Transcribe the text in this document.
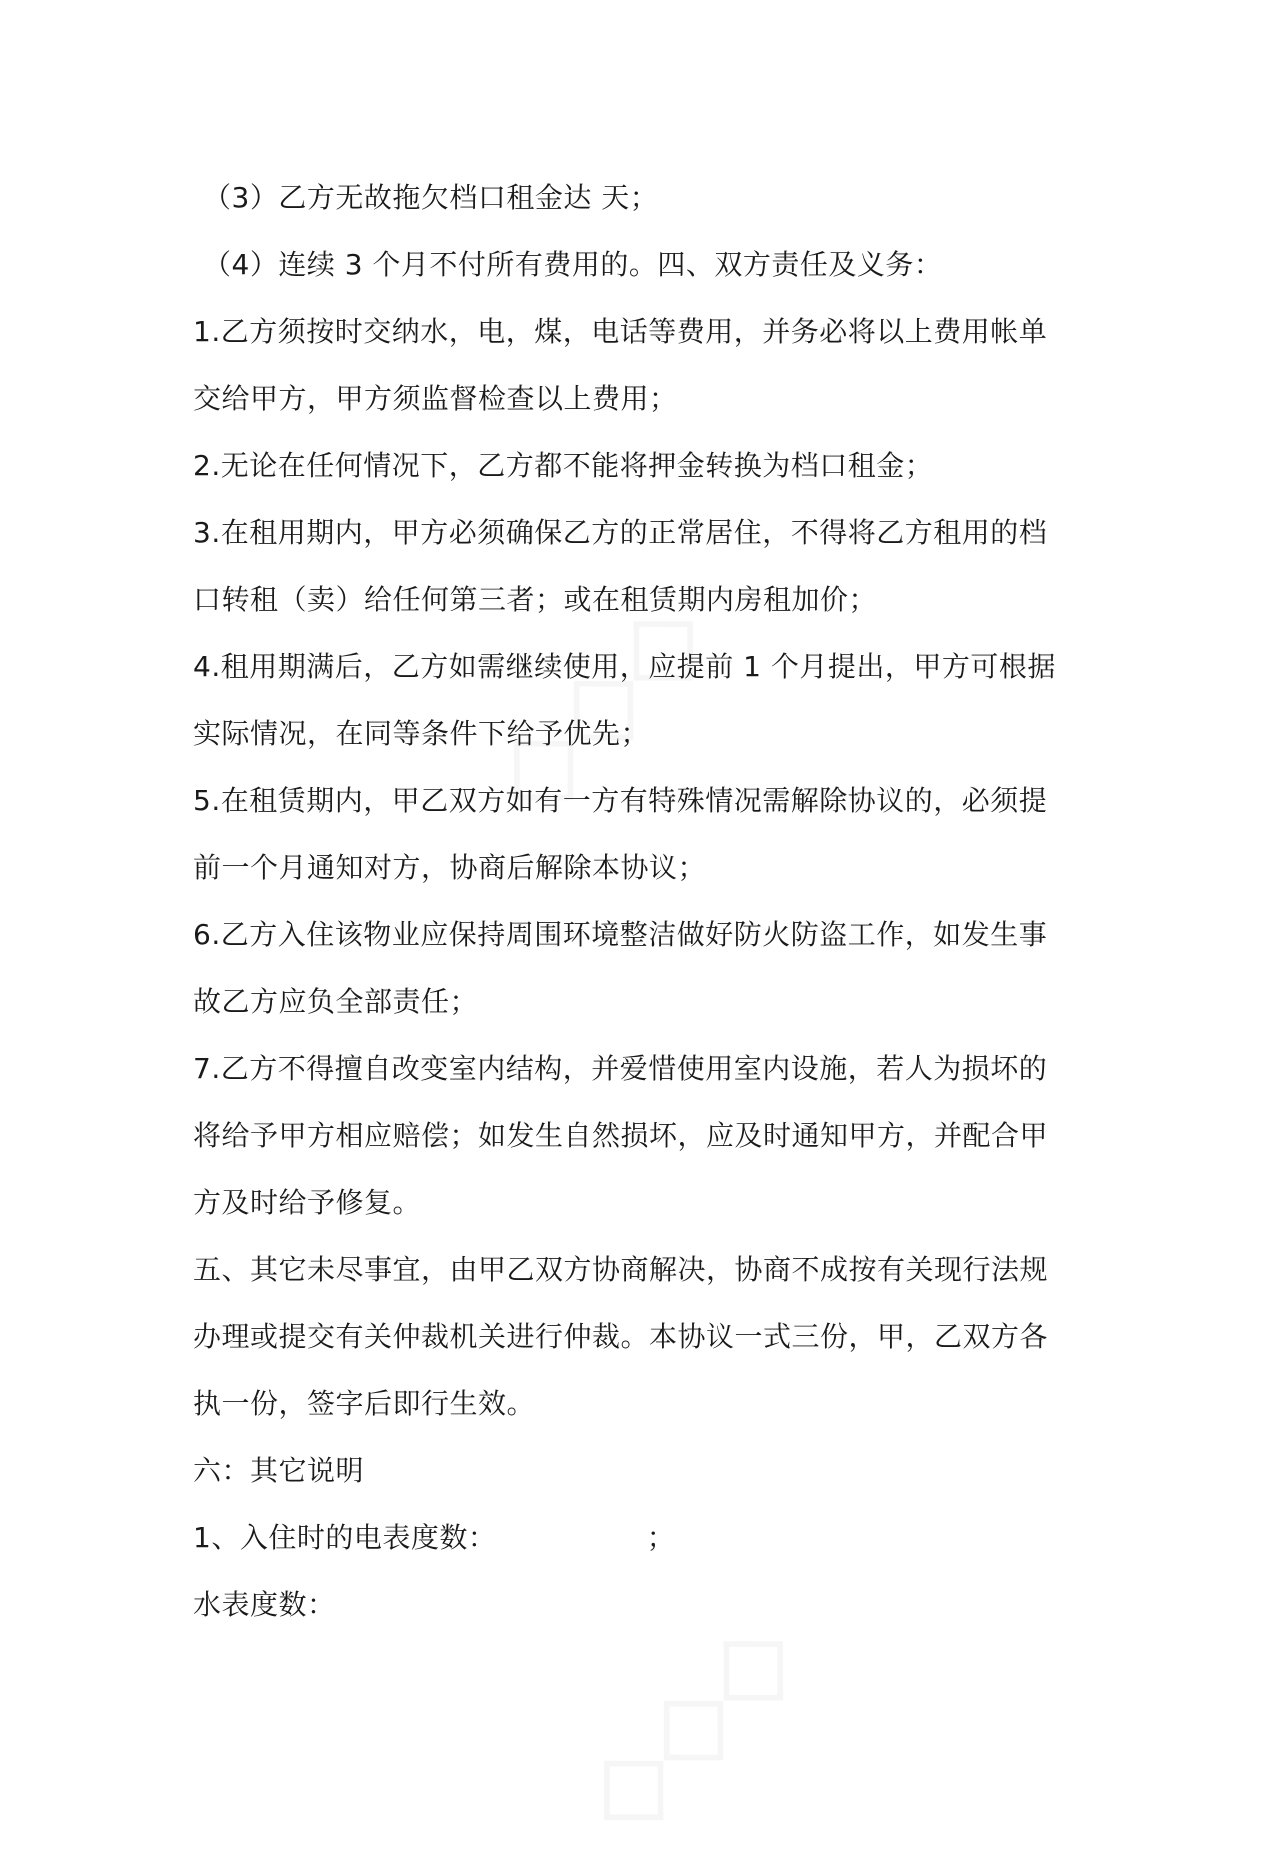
（3）乙方无故拖欠档口租金达 天；
（4）连续 3 个月不付所有费用的。四、双方责任及义务：
1.乙方须按时交纳水，电，煤，电话等费用，并务必将以上费用帐单
交给甲方，甲方须监督检查以上费用；
2.无论在任何情况下，乙方都不能将押金转换为档口租金；
3.在租用期内，甲方必须确保乙方的正常居住，不得将乙方租用的档
口转租（卖）给任何第三者；或在租赁期内房租加价；
4.租用期满后，乙方如需继续使用，应提前 1 个月提出，甲方可根据
实际情况，在同等条件下给予优先；
5.在租赁期内，甲乙双方如有一方有特殊情况需解除协议的，必须提
前一个月通知对方，协商后解除本协议；
6.乙方入住该物业应保持周围环境整洁做好防火防盗工作，如发生事
故乙方应负全部责任；
7.乙方不得擅自改变室内结构，并爱惜使用室内设施，若人为损坏的
将给予甲方相应赔偿；如发生自然损坏，应及时通知甲方，并配合甲
方及时给予修复。
五、其它未尽事宜，由甲乙双方协商解决，协商不成按有关现行法规
办理或提交有关仲裁机关进行仲裁。本协议一式三份，甲，乙双方各
执一份，签字后即行生效。
六：其它说明
1、入住时的电表度数：                ；
水表度数：
